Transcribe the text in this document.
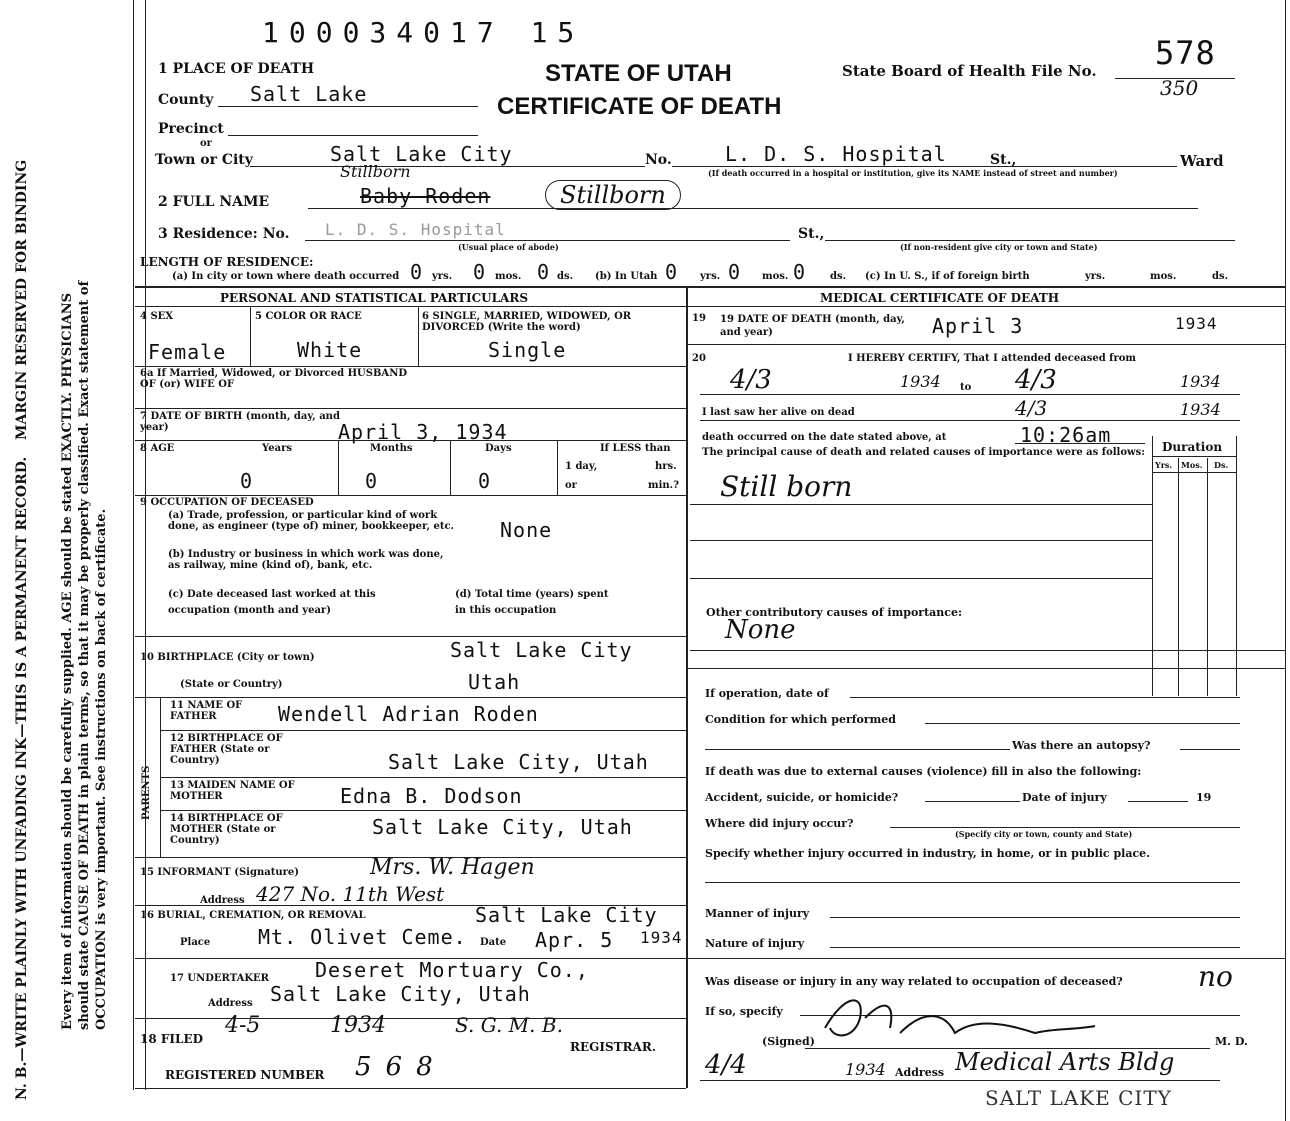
100034017 15
STATE OF UTAH
CERTIFICATE OF DEATH
State Board of Health File No. 578
350
N. B.—WRITE PLAINLY WITH UNFADING INK—THIS IS A PERMANENT RECORD.
MARGIN RESERVED FOR BINDING Every item of information should be carefully supplied. AGE should be stated EXACTLY. PHYSICIANS should state CAUSE OF DEATH in plain terms, so that it may be properly classified. Exact statement of OCCUPATION is very important. See instructions on back of certificate.
1 PLACE OF DEATH
County Salt Lake
Precinct
or
Town or City	Salt Lake City	No.	L. D. S. Hospital	St.,	Ward
(If death occurred in a hospital or institution, give its NAME instead of street and number)
2 FULL NAME	Baby Roden
Stillborn
Stillborn
3 Residence: No. L. D. S. Hospital
(Usual place of abode)
St.,
(If non-resident give city or town and State)
LENGTH OF RESIDENCE:
(a) In city or town where death occurred 0 yrs. 0 mos. 0 ds. (b) In Utah 0 yrs. 0 mos. 0 ds. (c) In U. S., if of foreign birth	yrs.	mos.	ds.
PERSONAL AND STATISTICAL PARTICULARS
4 SEX
Female
5 COLOR OR RACE
White
6 SINGLE, MARRIED, WIDOWED, OR DIVORCED (Write the word)
Single
6a If Married, Widowed, or Divorced HUSBAND OF (or) WIFE OF
7 DATE OF BIRTH (month, day, and year)	April 3, 1934
8 AGE	Years	Months	Days	If LESS than
0	0	0
1 day,	hrs.
or	min.?
9 OCCUPATION OF DECEASED
(a) Trade, profession, or particular kind of work done, as engineer (type of) miner, bookkeeper, etc.	None
(b) Industry or business in which work was done, as railway, mine (kind of), bank, etc.
(c) Date deceased last worked at this occupation (month and year)
(d) Total time (years) spent in this occupation
10 BIRTHPLACE (City or town)	Salt Lake City
(State or Country)	Utah
PARENTS
11 NAME OF FATHER	Wendell Adrian Roden
12 BIRTHPLACE OF FATHER (State or Country)	Salt Lake City, Utah
13 MAIDEN NAME OF MOTHER	Edna B. Dodson
14 BIRTHPLACE OF MOTHER (State or Country)
Salt Lake City, Utah
15 INFORMANT (Signature)	Mrs. W. Hagen
Address 427 No. 11th West
16 BURIAL, CREMATION, OR REMOVAL	Salt Lake City
Place Mt. Olivet Ceme. Date Apr. 5 1934
17 UNDERTAKER Deseret Mortuary Co.,
Address Salt Lake City, Utah
18 FILED
4-5	1934	S. G. M. B.
REGISTRAR.
REGISTERED NUMBER 568
MEDICAL CERTIFICATE OF DEATH
19 19 DATE OF DEATH (month, day, and year)	April 3	1934
20	I HEREBY CERTIFY, That I attended deceased from
4/3	1934 to 4/3	1934
I last saw her alive on dead	4/3	1934
death occurred on the date stated above, at	10:26am
The principal cause of death and related causes of importance were as follows:	Duration
Yrs. Mos. Ds.
Still born
Other contributory causes of importance:
None
If operation, date of
Condition for which performed
Was there an autopsy?
If death was due to external causes (violence) fill in also the following:
Accident, suicide, or homicide?	Date of injury	19
Where did injury occur?
(Specify city or town, county and State)
Specify whether injury occurred in industry, in home, or in public place.
Manner of injury
Nature of injury
Was disease or injury in any way related to occupation of deceased?	no
If so, specify
(Signed)	M. D.
4/4	1934 Address Medical Arts Bldg
SALT LAKE CITY
